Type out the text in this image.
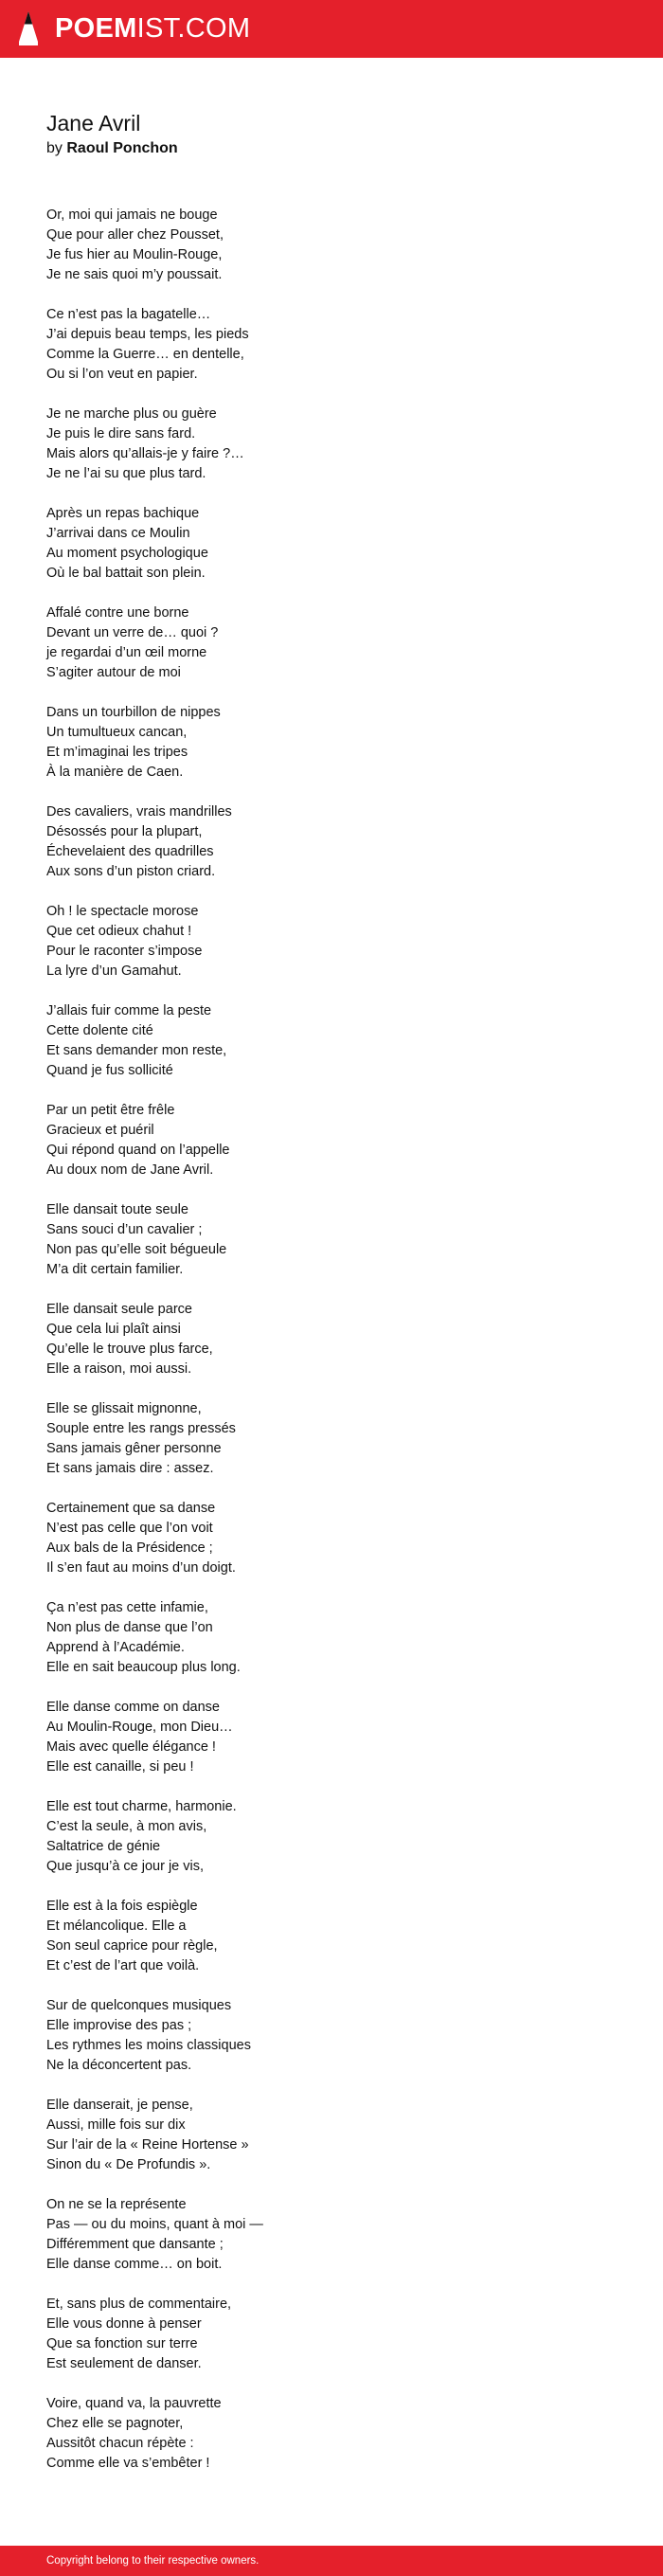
POEMIST.COM
Jane Avril
by Raoul Ponchon
Or, moi qui jamais ne bouge
Que pour aller chez Pousset,
Je fus hier au Moulin-Rouge,
Je ne sais quoi m’y poussait.
Ce n’est pas la bagatelle…
J’ai depuis beau temps, les pieds
Comme la Guerre… en dentelle,
Ou si l’on veut en papier.
Je ne marche plus ou guère
Je puis le dire sans fard.
Mais alors qu’allais-je y faire ?…
Je ne l’ai su que plus tard.
Après un repas bachique
J’arrivai dans ce Moulin
Au moment psychologique
Où le bal battait son plein.
Affalé contre une borne
Devant un verre de… quoi ?
je regardai d’un œil morne
S’agiter autour de moi
Dans un tourbillon de nippes
Un tumultueux cancan,
Et m’imaginai les tripes
À la manière de Caen.
Des cavaliers, vrais mandrilles
Désossés pour la plupart,
Échevelaient des quadrilles
Aux sons d’un piston criard.
Oh ! le spectacle morose
Que cet odieux chahut !
Pour le raconter s’impose
La lyre d’un Gamahut.
J’allais fuir comme la peste
Cette dolente cité
Et sans demander mon reste,
Quand je fus sollicité
Par un petit être frêle
Gracieux et puéril
Qui répond quand on l’appelle
Au doux nom de Jane Avril.
Elle dansait toute seule
Sans souci d’un cavalier ;
Non pas qu’elle soit bégueule
M’a dit certain familier.
Elle dansait seule parce
Que cela lui plaît ainsi
Qu’elle le trouve plus farce,
Elle a raison, moi aussi.
Elle se glissait mignonne,
Souple entre les rangs pressés
Sans jamais gêner personne
Et sans jamais dire : assez.
Certainement que sa danse
N’est pas celle que l’on voit
Aux bals de la Présidence ;
Il s’en faut au moins d’un doigt.
Ça n’est pas cette infamie,
Non plus de danse que l’on
Apprend à l’Académie.
Elle en sait beaucoup plus long.
Elle danse comme on danse
Au Moulin-Rouge, mon Dieu…
Mais avec quelle élégance !
Elle est canaille, si peu !
Elle est tout charme, harmonie.
C’est la seule, à mon avis,
Saltatrice de génie
Que jusqu’à ce jour je vis,
Elle est à la fois espiègle
Et mélancolique. Elle a
Son seul caprice pour règle,
Et c’est de l’art que voilà.
Sur de quelconques musiques
Elle improvise des pas ;
Les rythmes les moins classiques
Ne la déconcertent pas.
Elle danserait, je pense,
Aussi, mille fois sur dix
Sur l’air de la « Reine Hortense »
Sinon du « De Profundis ».
On ne se la représente
Pas — ou du moins, quant à moi —
Différemment que dansante ;
Elle danse comme… on boit.
Et, sans plus de commentaire,
Elle vous donne à penser
Que sa fonction sur terre
Est seulement de danser.
Voire, quand va, la pauvrette
Chez elle se pagnoter,
Aussitôt chacun répète :
Comme elle va s’embêter !
Copyright belong to their respective owners.
